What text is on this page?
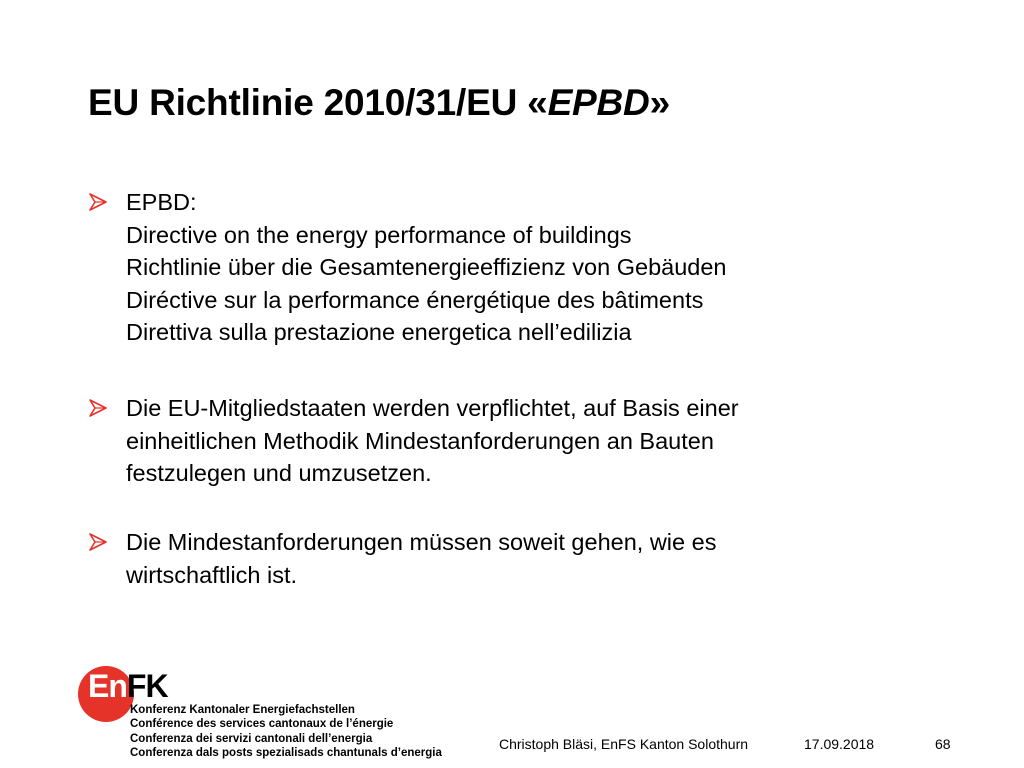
EU Richtlinie 2010/31/EU «EPBD»
EPBD:
Directive on the energy performance of buildings
Richtlinie über die Gesamtenergieeffizienz von Gebäuden
Diréctive sur la performance énergétique des bâtiments
Direttiva sulla prestazione energetica nell’edilizia
Die EU-Mitgliedstaaten werden verpflichtet, auf Basis einer
einheitlichen Methodik Mindestanforderungen an Bauten
festzulegen und umzusetzen.
Die Mindestanforderungen müssen soweit gehen, wie es
wirtschaftlich ist.
EnFK
Konferenz Kantonaler Energiefachstellen
Conférence des services cantonaux de l’énergie
Conferenza dei servizi cantonali dell’energia
Conferenza dals posts spezialisads chantunals d’energia
Christoph Bläsi, EnFS Kanton Solothurn	17.09.2018	68
